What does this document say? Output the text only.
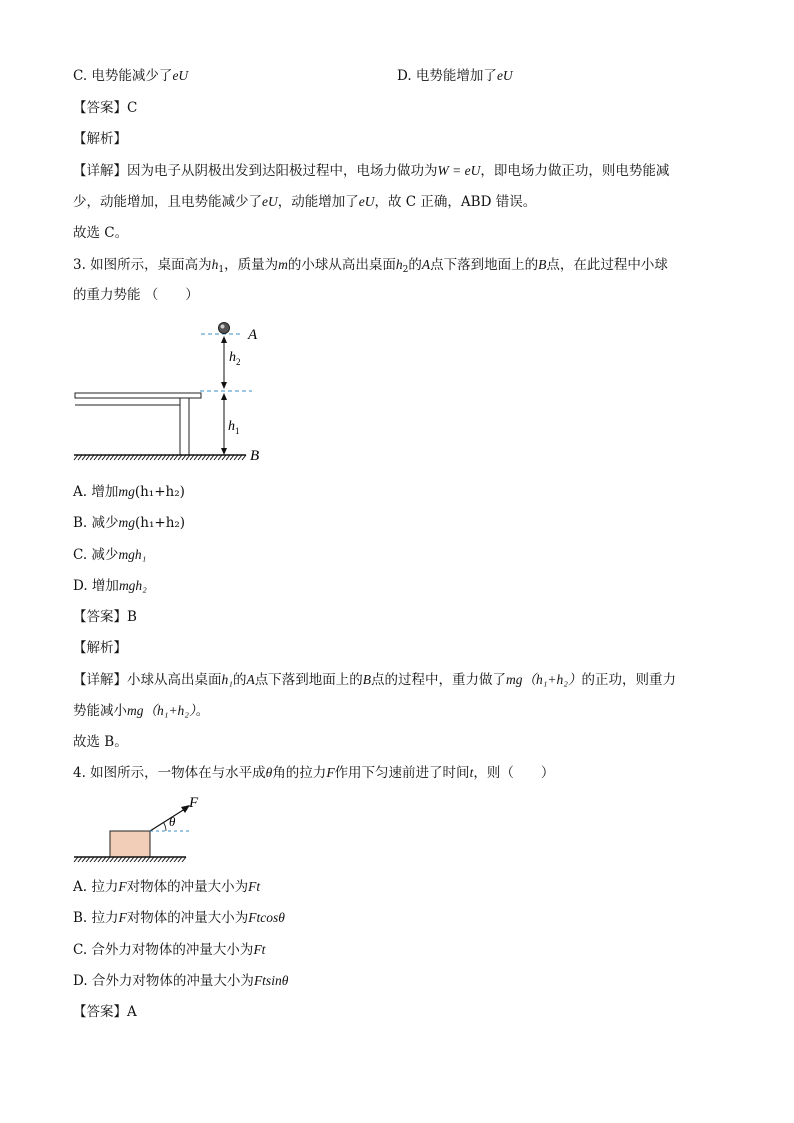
C. 电势能减少了eU	D. 电势能增加了eU
【答案】C
【解析】
【详解】因为电子从阴极出发到达阳极过程中，电场力做功为W = eU，即电场力做正功，则电势能减
少，动能增加，且电势能减少了eU，动能增加了eU，故 C 正确，ABD 错误。
故选 C。
3. 如图所示，桌面高为$h_1$，质量为m的小球从高出桌面$h_2$的A点下落到地面上的B点，在此过程中小球
的重力势能 （　　）
A
$h_2$
$h_1$
B
A. 增加mg(h₁+h₂)
B. 减少mg(h₁+h₂)
C. 减少mgh₁
D. 增加mgh₂
【答案】B
【解析】
【详解】小球从高出桌面h₁的A点下落到地面上的B点的过程中，重力做了mg（h₁+h₂）的正功，则重力
势能减小mg（h₁+h₂）。
故选 B。
4. 如图所示，一物体在与水平成θ角的拉力F作用下匀速前进了时间t，则（　　）
F
θ
A. 拉力F对物体的冲量大小为Ft
B. 拉力F对物体的冲量大小为Ftcosθ
C. 合外力对物体的冲量大小为Ft
D. 合外力对物体的冲量大小为Ftsinθ
【答案】A
